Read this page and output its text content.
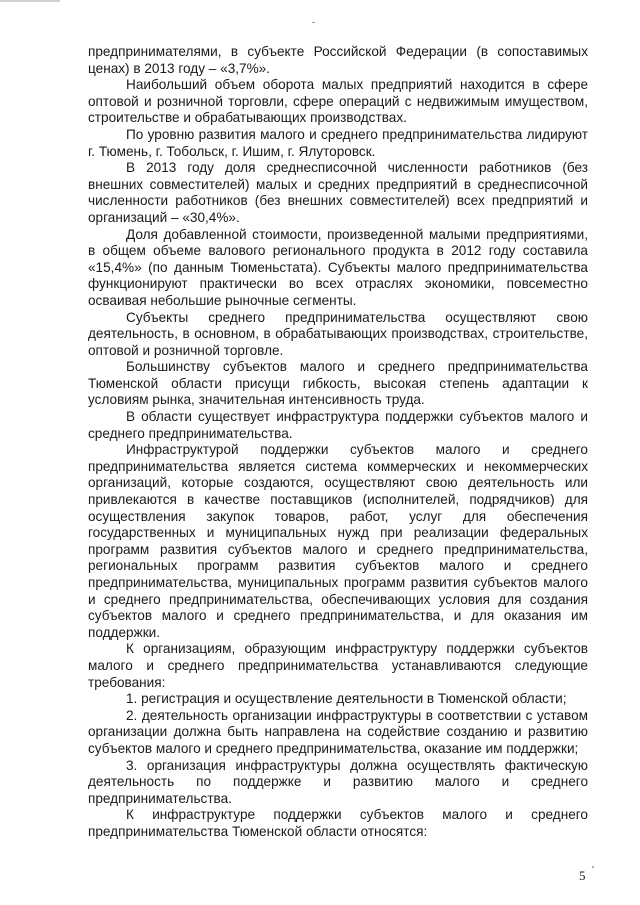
предпринимателями, в субъекте Российской Федерации (в сопоставимых ценах) в 2013 году – «3,7%».

Наибольший объем оборота малых предприятий находится в сфере оптовой и розничной торговли, сфере операций с недвижимым имуществом, строительстве и обрабатывающих производствах.

По уровню развития малого и среднего предпринимательства лидируют г. Тюмень, г. Тобольск, г. Ишим, г. Ялуторовск.

В 2013 году доля среднесписочной численности работников (без внешних совместителей) малых и средних предприятий в среднесписочной численности работников (без внешних совместителей) всех предприятий и организаций – «30,4%».

Доля добавленной стоимости, произведенной малыми предприятиями, в общем объеме валового регионального продукта в 2012 году составила «15,4%» (по данным Тюменьстата). Субъекты малого предпринимательства функционируют практически во всех отраслях экономики, повсеместно осваивая небольшие рыночные сегменты.

Субъекты среднего предпринимательства осуществляют свою деятельность, в основном, в обрабатывающих производствах, строительстве, оптовой и розничной торговле.

Большинству субъектов малого и среднего предпринимательства Тюменской области присущи гибкость, высокая степень адаптации к условиям рынка, значительная интенсивность труда.

В области существует инфраструктура поддержки субъектов малого и среднего предпринимательства.

Инфраструктурой поддержки субъектов малого и среднего предпринимательства является система коммерческих и некоммерческих организаций, которые создаются, осуществляют свою деятельность или привлекаются в качестве поставщиков (исполнителей, подрядчиков) для осуществления закупок товаров, работ, услуг для обеспечения государственных и муниципальных нужд при реализации федеральных программ развития субъектов малого и среднего предпринимательства, региональных программ развития субъектов малого и среднего предпринимательства, муниципальных программ развития субъектов малого и среднего предпринимательства, обеспечивающих условия для создания субъектов малого и среднего предпринимательства, и для оказания им поддержки.

К организациям, образующим инфраструктуру поддержки субъектов малого и среднего предпринимательства устанавливаются следующие требования:

1. регистрация и осуществление деятельности в Тюменской области;

2. деятельность организации инфраструктуры в соответствии с уставом организации должна быть направлена на содействие созданию и развитию субъектов малого и среднего предпринимательства, оказание им поддержки;

3. организация инфраструктуры должна осуществлять фактическую деятельность по поддержке и развитию малого и среднего предпринимательства.

К инфраструктуре поддержки субъектов малого и среднего предпринимательства Тюменской области относятся:

5
